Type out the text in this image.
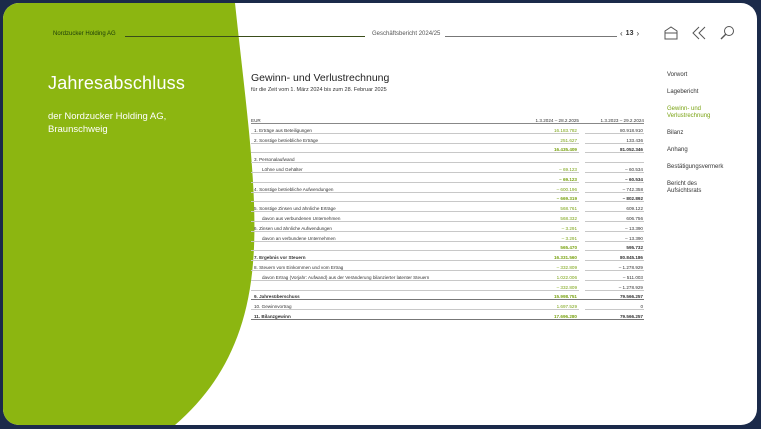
Nordzucker Holding AG	Geschäftsbericht 2024/25	‹ 13 ›
Jahresabschluss
der Nordzucker Holding AG, Braunschweig
Gewinn- und Verlustrechnung
für die Zeit vom 1. März 2024 bis zum 28. Februar 2025
EUR	1.3.2024 – 28.2.2025		1.3.2023 – 29.2.2024
1. Erträge aus Beteiligungen	16.183.782		80.918.910
2. Sonstige betriebliche Erträge	251.627		133.436
	16.435.409		81.052.346
3. Personalaufwand			
Löhne und Gehälter	– 69.123		– 60.534
	– 69.123		– 60.534
4. Sonstige betriebliche Aufwendungen	– 600.196		– 742.358
	– 669.319		– 802.892
5. Sonstige Zinsen und ähnliche Erträge	568.761		609.122
davon aus verbundenen Unternehmen	568.332		606.756
6. Zinsen und ähnliche Aufwendungen	– 3.291		– 13.390
davon an verbundene Unternehmen	– 3.291		– 13.390
	565.470		595.732
7. Ergebnis vor Steuern	16.331.560		80.845.186
8. Steuern vom Einkommen und vom Ertrag	– 332.809		– 1.278.929
davon Ertrag (Vorjahr: Aufwand) aus der Veränderung bilanzierter latenter Steuern	1.022.006		– 511.003
	– 332.809		– 1.278.929
9. Jahresüberschuss	15.998.751		79.566.257
10. Gewinnvortrag	1.697.529		0
11. Bilanzgewinn	17.696.280		79.566.257
Vorwort
Lagebericht
Gewinn- und Verlustrechnung
Bilanz
Anhang
Bestätigungsvermerk
Bericht des Aufsichtsrats
